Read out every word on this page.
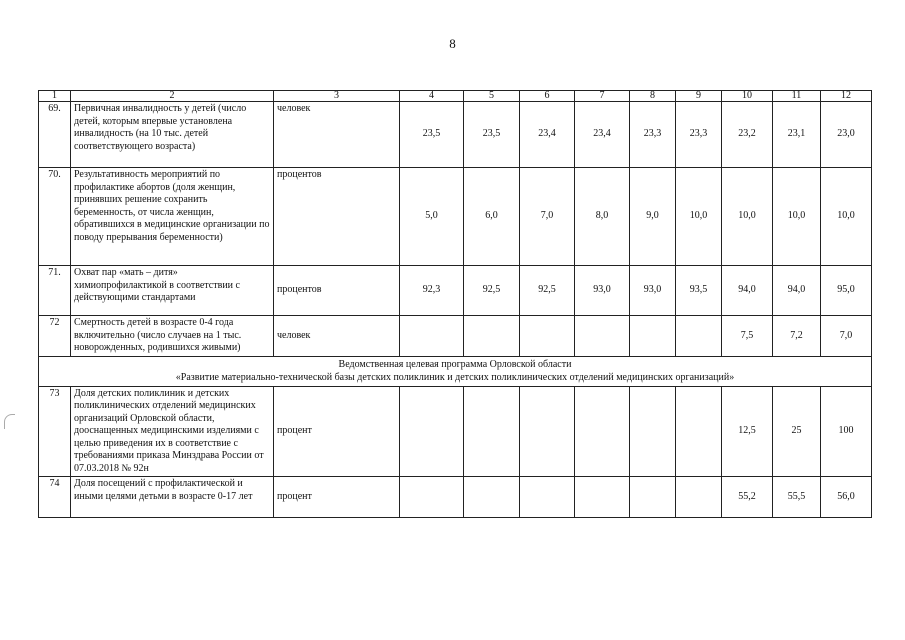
8
1	2	3	4	5	6	7	8	9	10	11	12
69.	Первичная инвалидность у детей (число детей, которым впервые установлена инвалидность (на 10 тыс. детей соответствующего возраста)	человек	23,5	23,5	23,4	23,4	23,3	23,3	23,2	23,1	23,0
70.	Результативность мероприятий по профилактике абортов (доля женщин, принявших решение сохранить беременность, от числа женщин, обратившихся в медицинские организации по поводу прерывания беременности)	процентов	5,0	6,0	7,0	8,0	9,0	10,0	10,0	10,0	10,0
71.	Охват пар «мать – дитя» химиопрофилактикой в соответствии с действующими стандартами	процентов	92,3	92,5	92,5	93,0	93,0	93,5	94,0	94,0	95,0
72	Смертность детей в возрасте 0-4 года включительно (число случаев на 1 тыс. новорожденных, родившихся живыми)	человек							7,5	7,2	7,0

Ведомственная целевая программа Орловской области
«Развитие материально-технической базы детских поликлиник и детских поликлинических отделений медицинских организаций»											

73	Доля детских поликлиник и детских поликлинических отделений медицинских организаций Орловской области, дооснащенных медицинскими изделиями с целью приведения их в соответствие с требованиями приказа Минздрава России от 07.03.2018 № 92н	процент							12,5	25	100
74	Доля посещений с профилактической и иными целями детьми в возрасте 0-17 лет	процент							55,2	55,5	56,0
